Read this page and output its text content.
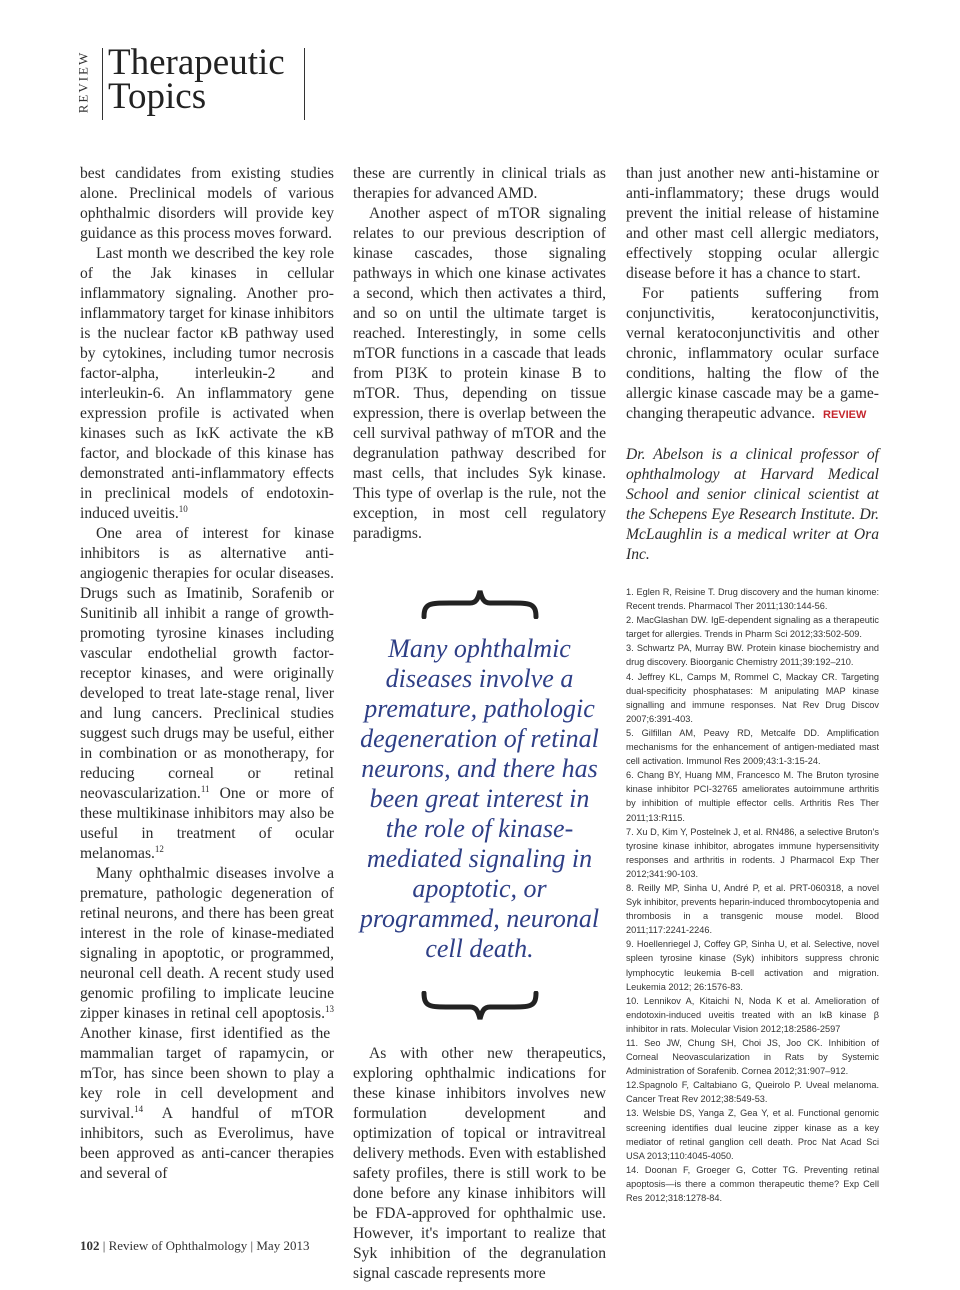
REVIEW Therapeutic
Topics

best candidates from existing studies alone. Preclinical models of various ophthalmic disorders will provide key guidance as this process moves forward.

Last month we described the key role of the Jak kinases in cellular inflammatory signaling. Another pro-inflammatory target for kinase inhibitors is the nuclear factor κB pathway used by cytokines, including tumor necrosis factor-alpha, interleukin-2 and interleukin-6. An inflammatory gene expression profile is activated when kinases such as IκK activate the κB factor, and blockade of this kinase has demonstrated anti-inflammatory effects in preclinical models of endotoxin-induced uveitis.$^{10}$

One area of interest for kinase inhibitors is as alternative anti-angiogenic therapies for ocular diseases. Drugs such as Imatinib, Sorafenib or Sunitinib all inhibit a range of growth-promoting tyrosine kinases including vascular endothelial growth factor-receptor kinases, and were originally developed to treat late-stage renal, liver and lung cancers. Preclinical studies suggest such drugs may be useful, either in combination or as monotherapy, for reducing corneal or retinal neovascularization.$^{11}$ One or more of these multikinase inhibitors may also be useful in treatment of ocular melanomas.$^{12}$

Many ophthalmic diseases involve a premature, pathologic degeneration of retinal neurons, and there has been great interest in the role of kinase-mediated signaling in apoptotic, or programmed, neuronal cell death. A recent study used genomic profiling to implicate leucine zipper kinases in retinal cell apoptosis.$^{13}$ Another kinase, first identified as the mammalian target of rapamycin, or mTor, has since been shown to play a key role in cell development and survival.$^{14}$ A handful of mTOR inhibitors, such as Everolimus, have been approved as anti-cancer therapies and several of

these are currently in clinical trials as therapies for advanced AMD.

Another aspect of mTOR signaling relates to our previous description of kinase cascades, those signaling pathways in which one kinase activates a second, which then activates a third, and so on until the ultimate target is reached. Interestingly, in some cells mTOR functions in a cascade that leads from PI3K to protein kinase B to mTOR. Thus, depending on tissue expression, there is overlap between the cell survival pathway of mTOR and the degranulation pathway described for mast cells, that includes Syk kinase. This type of overlap is the rule, not the exception, in most cell regulatory paradigms.

Many ophthalmic diseases involve a premature, pathologic degeneration of retinal neurons, and there has been great interest in the role of kinase-mediated signaling in apoptotic, or programmed, neuronal cell death.

As with other new therapeutics, exploring ophthalmic indications for these kinase inhibitors involves new formulation development and optimization of topical or intravitreal delivery methods. Even with established safety profiles, there is still work to be done before any kinase inhibitors will be FDA-approved for ophthalmic use. However, it's important to realize that Syk inhibition of the degranulation signal cascade represents more

than just another new anti-histamine or anti-inflammatory; these drugs would prevent the initial release of histamine and other mast cell allergic mediators, effectively stopping ocular allergic disease before it has a chance to start.

For patients suffering from conjunctivitis, keratoconjunctivitis, vernal keratoconjunctivitis and other chronic, inflammatory ocular surface conditions, halting the flow of the allergic kinase cascade may be a game-changing therapeutic advance. REVIEW

Dr. Abelson is a clinical professor of ophthalmology at Harvard Medical School and senior clinical scientist at the Schepens Eye Research Institute. Dr. McLaughlin is a medical writer at Ora Inc.
1. Eglen R, Reisine T. Drug discovery and the human kinome: Recent trends. Pharmacol Ther 2011;130:144-56.
2. MacGlashan DW. IgE-dependent signaling as a therapeutic target for allergies. Trends in Pharm Sci 2012;33:502-509.
3. Schwartz PA, Murray BW. Protein kinase biochemistry and drug discovery. Bioorganic Chemistry 2011;39:192–210.
4. Jeffrey KL, Camps M, Rommel C, Mackay CR. Targeting dual-specificity phosphatases: M anipulating MAP kinase signalling and immune responses. Nat Rev Drug Discov 2007;6:391-403.
5. Gilfillan AM, Peavy RD, Metcalfe DD. Amplification mechanisms for the enhancement of antigen-mediated mast cell activation. Immunol Res 2009;43:1-3:15-24.
6. Chang BY, Huang MM, Francesco M. The Bruton tyrosine kinase inhibitor PCI-32765 ameliorates autoimmune arthritis by inhibition of multiple effector cells. Arthritis Res Ther 2011;13:R115.
7. Xu D, Kim Y, Postelnek J, et al. RN486, a selective Bruton's tyrosine kinase inhibitor, abrogates immune hypersensitivity responses and arthritis in rodents. J Pharmacol Exp Ther 2012;341:90-103.
8. Reilly MP, Sinha U, André P, et al. PRT-060318, a novel Syk inhibitor, prevents heparin-induced thrombocytopenia and thrombosis in a transgenic mouse model. Blood 2011;117:2241-2246.
9. Hoellenriegel J, Coffey GP, Sinha U, et al. Selective, novel spleen tyrosine kinase (Syk) inhibitors suppress chronic lymphocytic leukemia B-cell activation and migration. Leukemia 2012; 26:1576-83.
10. Lennikov A, Kitaichi N, Noda K et al. Amelioration of endotoxin-induced uveitis treated with an IκB kinase β inhibitor in rats. Molecular Vision 2012;18:2586-2597
11. Seo JW, Chung SH, Choi JS, Joo CK. Inhibition of Corneal Neovascularization in Rats by Systemic Administration of Sorafenib. Cornea 2012;31:907–912.
12.Spagnolo F, Caltabiano G, Queirolo P. Uveal melanoma. Cancer Treat Rev 2012;38:549-53.
13. Welsbie DS, Yanga Z, Gea Y, et al. Functional genomic screening identifies dual leucine zipper kinase as a key mediator of retinal ganglion cell death. Proc Nat Acad Sci USA 2013;110:4045-4050.
14. Doonan F, Groeger G, Cotter TG. Preventing retinal apoptosis—is there a common therapeutic theme? Exp Cell Res 2012;318:1278-84.
102 | Review of Ophthalmology | May 2013
